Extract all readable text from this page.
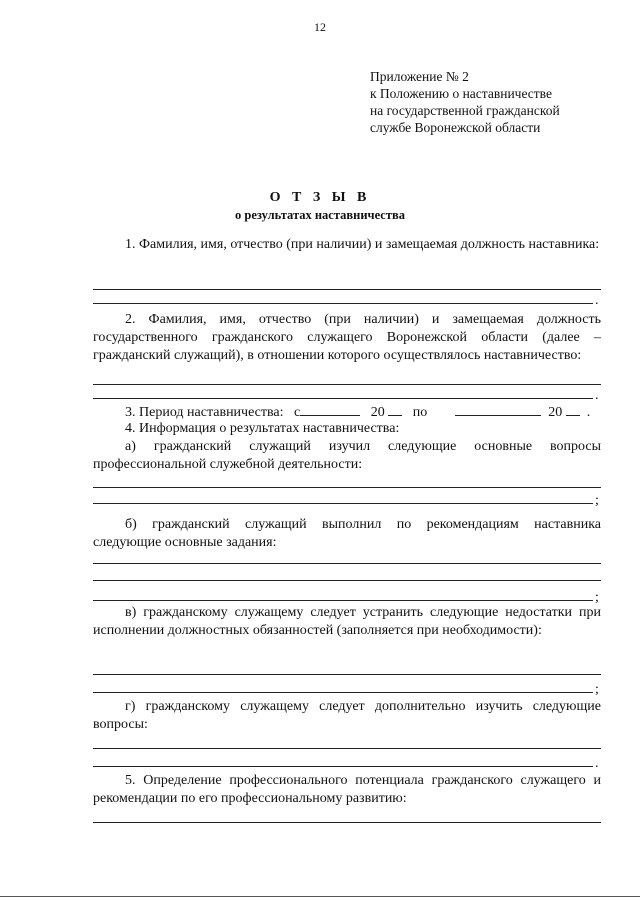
12
Приложение № 2
к Положению о наставничестве
на государственной гражданской
службе Воронежской области
О Т З Ы В
о результатах наставничества
1. Фамилия, имя, отчество (при наличии) и замещаемая должность наставника:
.
2. Фамилия, имя, отчество (при наличии) и замещаемая должность государственного гражданского служащего Воронежской области (далее – гражданский служащий), в отношении которого осуществлялось наставничество:
.
3. Период наставничества: с	20 по	20 .
4. Информация о результатах наставничества:
а) гражданский служащий изучил следующие основные вопросы профессиональной служебной деятельности:
;
б) гражданский служащий выполнил по рекомендациям наставника следующие основные задания:
;
в) гражданскому служащему следует устранить следующие недостатки при исполнении должностных обязанностей (заполняется при необходимости):
;
г) гражданскому служащему следует дополнительно изучить следующие вопросы:
.
5. Определение профессионального потенциала гражданского служащего и рекомендации по его профессиональному развитию:
